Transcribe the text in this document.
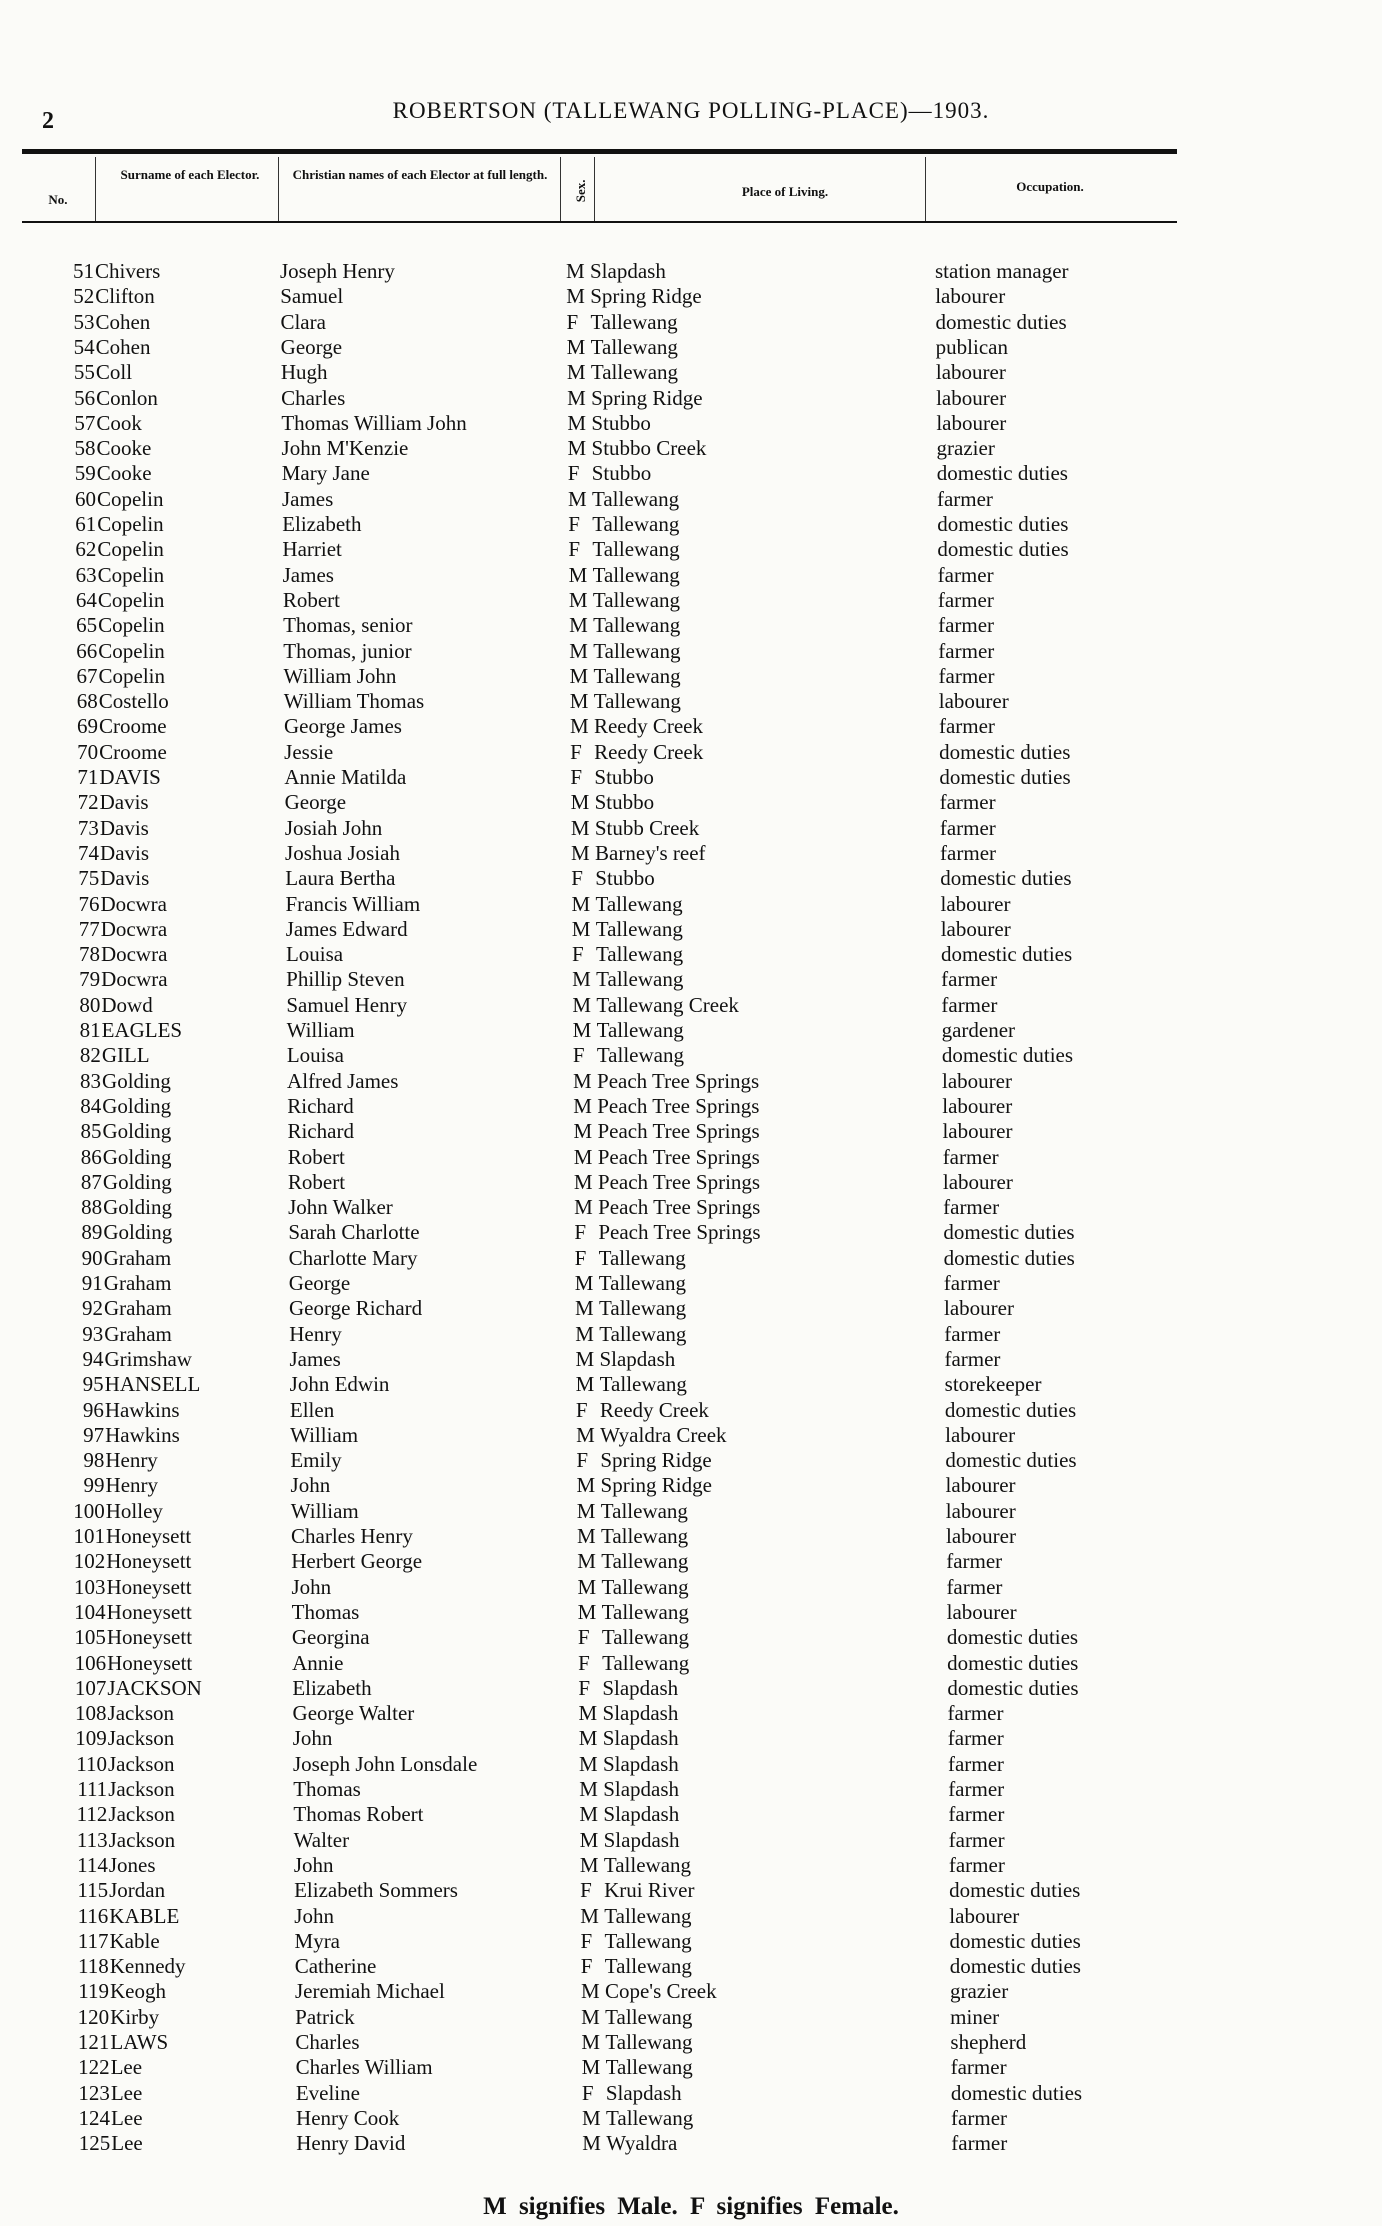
2	ROBERTSON (TALLEWANG POLLING-PLACE)—1903.
No.
Surname of each Elector.	Christian names of each Elector at full length.
Sex.	Place of Living.	Occupation.
51 Chivers	Joseph Henry	M Slapdash	station manager
52 Clifton	Samuel	M Spring Ridge	labourer
53 Cohen	Clara	F Tallewang	domestic duties
54 Cohen	George	M Tallewang	publican
55 Coll	Hugh	M Tallewang	labourer
56 Conlon	Charles	M Spring Ridge	labourer
57 Cook	Thomas William John	M Stubbo	labourer
58 Cooke	John M'Kenzie	M Stubbo Creek	grazier
59 Cooke	Mary Jane	F Stubbo	domestic duties
60 Copelin	James	M Tallewang	farmer
61 Copelin	Elizabeth	F Tallewang	domestic duties
62 Copelin	Harriet	F Tallewang	domestic duties
63 Copelin	James	M Tallewang	farmer
64 Copelin	Robert	M Tallewang	farmer
65 Copelin	Thomas, senior	M Tallewang	farmer
66 Copelin	Thomas, junior	M Tallewang	farmer
67 Copelin	William John	M Tallewang	farmer
68 Costello	William Thomas	M Tallewang	labourer
69 Croome	George James	M Reedy Creek	farmer
70 Croome	Jessie	F Reedy Creek	domestic duties
71 DAVIS	Annie Matilda	F Stubbo	domestic duties
72 Davis	George	M Stubbo	farmer
73 Davis	Josiah John	M Stubb Creek	farmer
74 Davis	Joshua Josiah	M Barney's reef	farmer
75 Davis	Laura Bertha	F Stubbo	domestic duties
76 Docwra	Francis William	M Tallewang	labourer
77 Docwra	James Edward	M Tallewang	labourer
78 Docwra	Louisa	F Tallewang	domestic duties
79 Docwra	Phillip Steven	M Tallewang	farmer
80 Dowd	Samuel Henry	M Tallewang Creek	farmer
81 EAGLES	William	M Tallewang	gardener
82 GILL	Louisa	F Tallewang	domestic duties
83 Golding	Alfred James	M Peach Tree Springs	labourer
84 Golding	Richard	M Peach Tree Springs	labourer
85 Golding	Richard	M Peach Tree Springs	labourer
86 Golding	Robert	M Peach Tree Springs	farmer
87 Golding	Robert	M Peach Tree Springs	labourer
88 Golding	John Walker	M Peach Tree Springs	farmer
89 Golding	Sarah Charlotte	F Peach Tree Springs	domestic duties
90 Graham	Charlotte Mary	F Tallewang	domestic duties
91 Graham	George	M Tallewang	farmer
92 Graham	George Richard	M Tallewang	labourer
93 Graham	Henry	M Tallewang	farmer
94 Grimshaw	James	M Slapdash	farmer
95 HANSELL	John Edwin	M Tallewang	storekeeper
96 Hawkins	Ellen	F Reedy Creek	domestic duties
97 Hawkins	William	M Wyaldra Creek	labourer
98 Henry	Emily	F Spring Ridge	domestic duties
99 Henry	John	M Spring Ridge	labourer
100 Holley	William	M Tallewang	labourer
101 Honeysett	Charles Henry	M Tallewang	labourer
102 Honeysett	Herbert George	M Tallewang	farmer
103 Honeysett	John	M Tallewang	farmer
104 Honeysett	Thomas	M Tallewang	labourer
105 Honeysett	Georgina	F Tallewang	domestic duties
106 Honeysett	Annie	F Tallewang	domestic duties
107 JACKSON	Elizabeth	F Slapdash	domestic duties
108 Jackson	George Walter	M Slapdash	farmer
109 Jackson	John	M Slapdash	farmer
110 Jackson	Joseph John Lonsdale	M Slapdash	farmer
111 Jackson	Thomas	M Slapdash	farmer
112 Jackson	Thomas Robert	M Slapdash	farmer
113 Jackson	Walter	M Slapdash	farmer
114 Jones	John	M Tallewang	farmer
115 Jordan	Elizabeth Sommers	F Krui River	domestic duties
116 KABLE	John	M Tallewang	labourer
117 Kable	Myra	F Tallewang	domestic duties
118 Kennedy	Catherine	F Tallewang	domestic duties
119 Keogh	Jeremiah Michael	M Cope's Creek	grazier
120 Kirby	Patrick	M Tallewang	miner
121 LAWS	Charles	M Tallewang	shepherd
122 Lee	Charles William	M Tallewang	farmer
123 Lee	Eveline	F Slapdash	domestic duties
124 Lee	Henry Cook	M Tallewang	farmer
125 Lee	Henry David	M Wyaldra	farmer
M signifies Male. F signifies Female.
